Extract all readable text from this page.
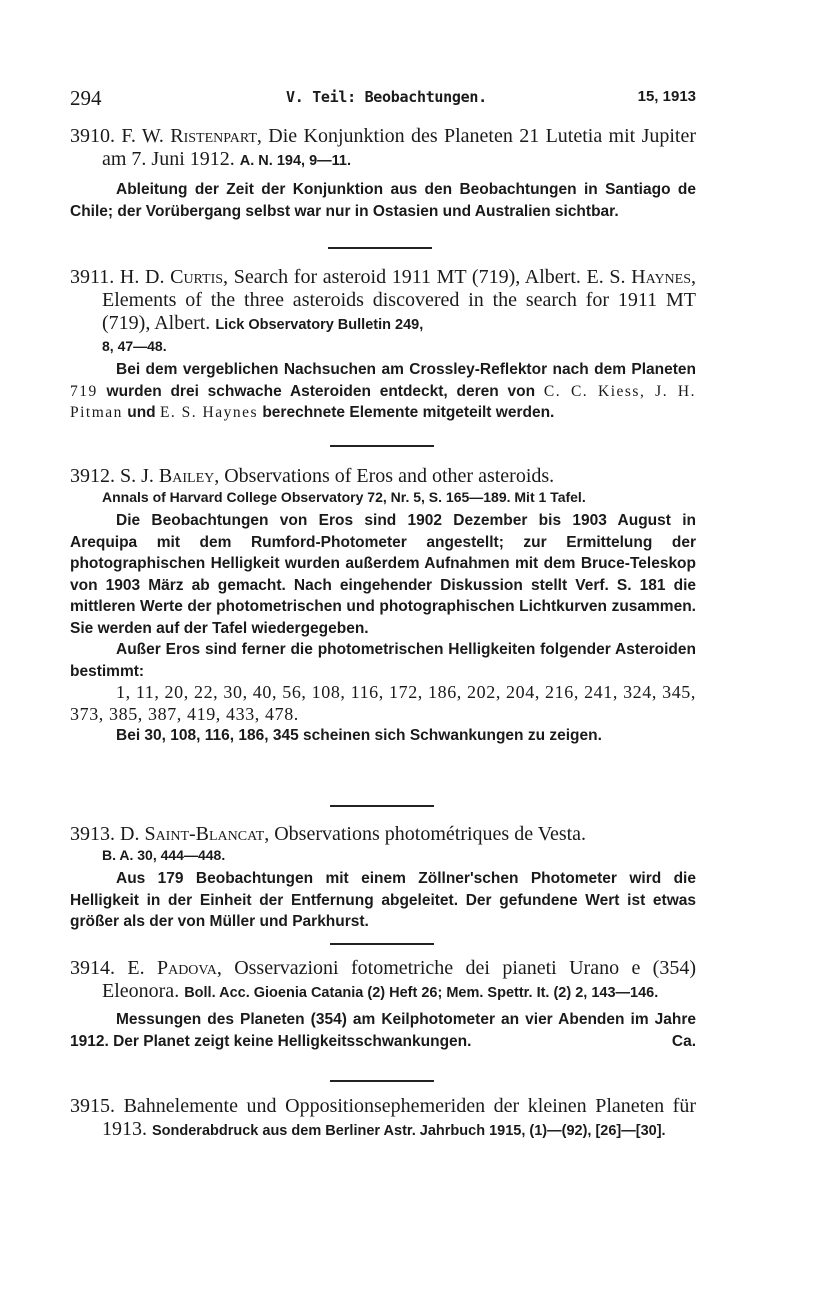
294	V. Teil: Beobachtungen.	15, 1913
3910. F. W. Ristenpart, Die Konjunktion des Planeten 21 Lutetia mit Jupiter am 7. Juni 1912. A. N. 194, 9—11.

Ableitung der Zeit der Konjunktion aus den Beobachtungen in Santiago de Chile; der Vorübergang selbst war nur in Ostasien und Australien sichtbar.

3911. H. D. Curtis, Search for asteroid 1911 MT (719), Albert. E. S. Haynes, Elements of the three asteroids discovered in the search for 1911 MT (719), Albert. Lick Observatory Bulletin 249,
8, 47—48.

Bei dem vergeblichen Nachsuchen am Crossley-Reflektor nach dem Planeten 719 wurden drei schwache Asteroiden entdeckt, deren von C. C. Kiess, J. H. Pitman und E. S. Haynes berechnete Elemente mitgeteilt werden.

3912. S. J. Bailey, Observations of Eros and other asteroids.
Annals of Harvard College Observatory 72, Nr. 5, S. 165—189. Mit 1 Tafel.

Die Beobachtungen von Eros sind 1902 Dezember bis 1903 August in Arequipa mit dem Rumford-Photometer angestellt; zur Ermittelung der photographischen Helligkeit wurden außerdem Aufnahmen mit dem Bruce-Teleskop von 1903 März ab gemacht. Nach eingehender Diskussion stellt Verf. S. 181 die mittleren Werte der photometrischen und photographischen Lichtkurven zusammen. Sie werden auf der Tafel wiedergegeben.

Außer Eros sind ferner die photometrischen Helligkeiten folgender Asteroiden bestimmt:

1, 11, 20, 22, 30, 40, 56, 108, 116, 172, 186, 202, 204, 216, 241, 324, 345, 373, 385, 387, 419, 433, 478.

Bei 30, 108, 116, 186, 345 scheinen sich Schwankungen zu zeigen.

3913. D. Saint-Blancat, Observations photométriques de Vesta.
B. A. 30, 444—448.

Aus 179 Beobachtungen mit einem Zöllner'schen Photometer wird die Helligkeit in der Einheit der Entfernung abgeleitet. Der gefundene Wert ist etwas größer als der von Müller und Parkhurst.

3914. E. Padova, Osservazioni fotometriche dei pianeti Urano e (354) Eleonora. Boll. Acc. Gioenia Catania (2) Heft 26; Mem. Spettr. It. (2) 2, 143—146.

Messungen des Planeten (354) am Keilphotometer an vier Abenden im Jahre 1912. Der Planet zeigt keine Helligkeitsschwankungen.	Ca.

3915. Bahnelemente und Oppositionsephemeriden der kleinen Planeten für 1913. Sonderabdruck aus dem Berliner Astr. Jahrbuch 1915, (1)—(92), [26]—[30].
